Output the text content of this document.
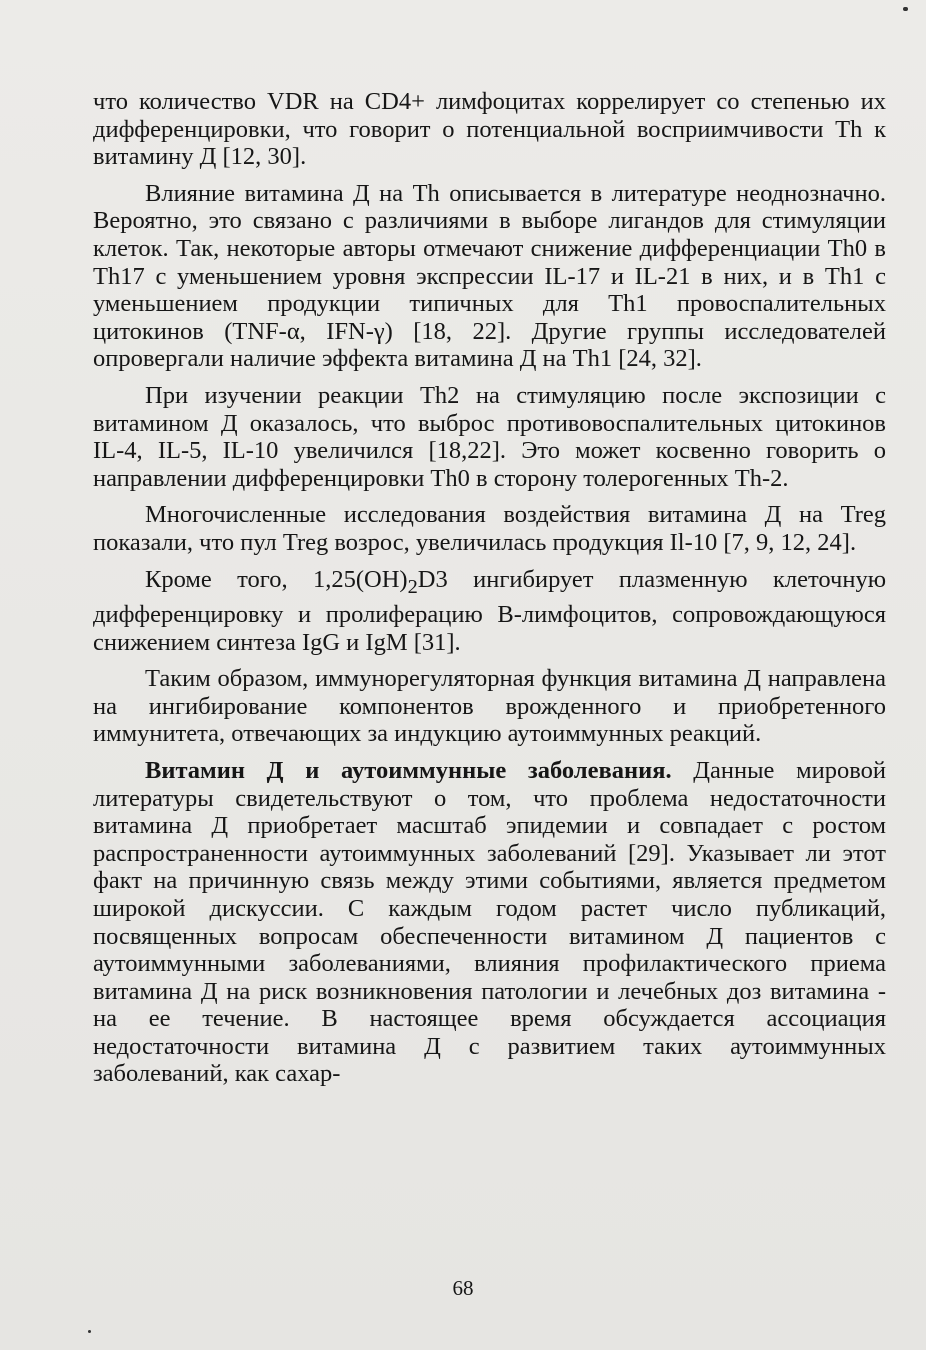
что количество VDR на CD4+ лимфоцитах коррелирует со степенью их дифференцировки, что говорит о потенциальной восприимчивости Th к витамину Д [12, 30].

Влияние витамина Д на Th описывается в литературе неоднозначно. Вероятно, это связано с различиями в выборе лигандов для стимуляции клеток. Так, некоторые авторы отмечают снижение дифференциации Th0 в Th17 с уменьшением уровня экспрессии IL-17 и IL-21 в них, и в Th1 с уменьшением продукции типичных для Th1 провоспалительных цитокинов (TNF-α, IFN-γ) [18, 22]. Другие группы исследователей опровергали наличие эффекта витамина Д на Th1 [24, 32].

При изучении реакции Th2 на стимуляцию после экспозиции с витамином Д оказалось, что выброс противовоспалительных цитокинов IL-4, IL-5, IL-10 увеличился [18,22]. Это может косвенно говорить о направлении дифференцировки Th0 в сторону толерогенных Th-2.

Многочисленные исследования воздействия витамина Д на Treg показали, что пул Treg возрос, увеличилась продукция Il-10 [7, 9, 12, 24].

Кроме того, $1,25(OH)_2D3$ ингибирует плазменную клеточную дифференцировку и пролиферацию В-лимфоцитов, сопровождающуюся снижением синтеза IgG и IgM [31].

Таким образом, иммунорегуляторная функция витамина Д направлена на ингибирование компонентов врожденного и приобретенного иммунитета, отвечающих за индукцию аутоиммунных реакций.

Витамин Д и аутоиммунные заболевания. Данные мировой литературы свидетельствуют о том, что проблема недостаточности витамина Д приобретает масштаб эпидемии и совпадает с ростом распространенности аутоиммунных заболеваний [29]. Указывает ли этот факт на причинную связь между этими событиями, является предметом широкой дискуссии. С каждым годом растет число публикаций, посвященных вопросам обеспеченности витамином Д пациентов с аутоиммунными заболеваниями, влияния профилактического приема витамина Д на риск возникновения патологии и лечебных доз витамина - на ее течение. В настоящее время обсуждается ассоциация недостаточности витамина Д с развитием таких аутоиммунных заболеваний, как сахар-

68
